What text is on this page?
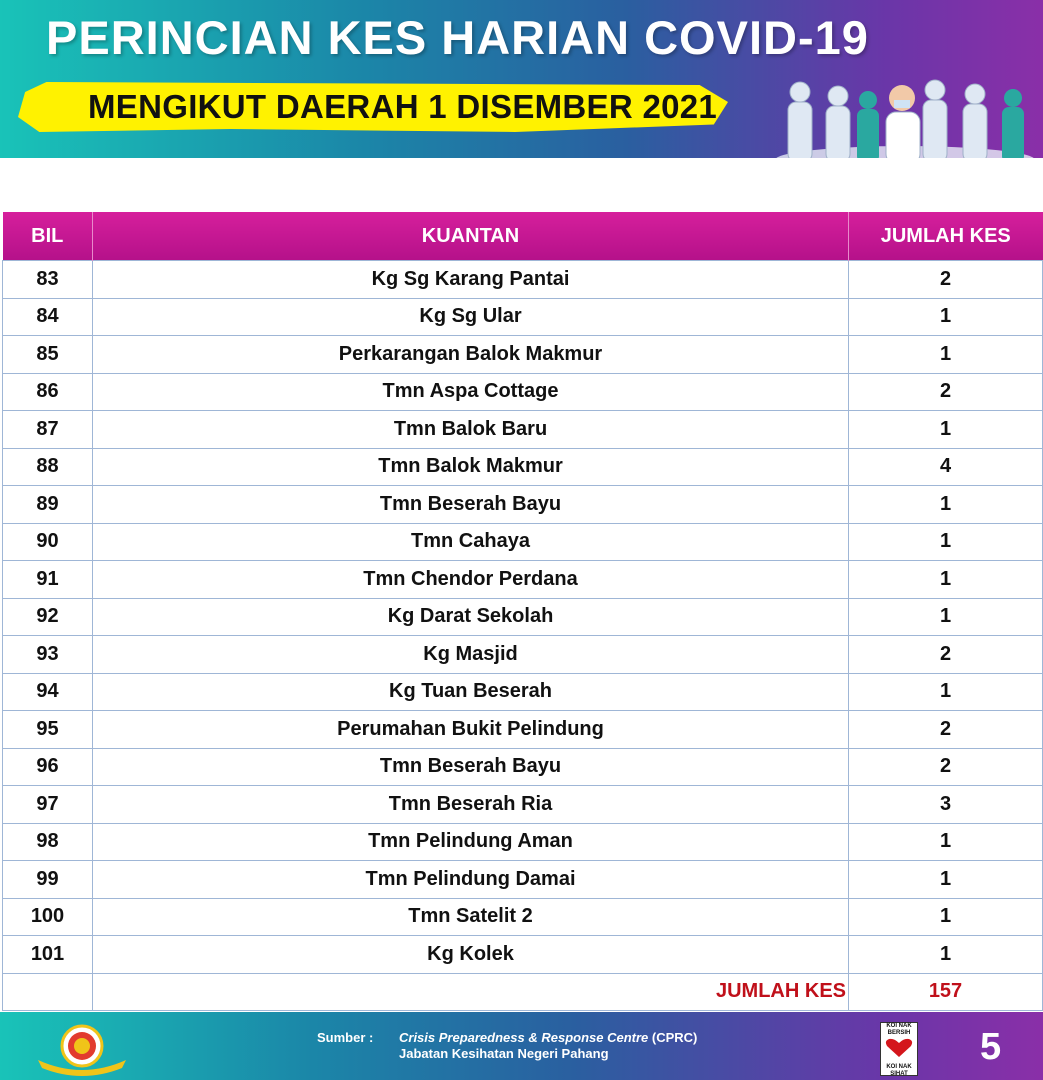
PERINCIAN KES HARIAN COVID-19
MENGIKUT DAERAH 1 DISEMBER 2021
BIL	KUANTAN	JUMLAH KES
83	Kg Sg Karang Pantai	2
84	Kg Sg Ular	1
85	Perkarangan Balok Makmur	1
86	Tmn Aspa Cottage	2
87	Tmn Balok Baru	1
88	Tmn Balok Makmur	4
89	Tmn Beserah Bayu	1
90	Tmn Cahaya	1
91	Tmn Chendor Perdana	1
92	Kg Darat Sekolah	1
93	Kg Masjid	2
94	Kg Tuan Beserah	1
95	Perumahan Bukit Pelindung	2
96	Tmn Beserah Bayu	2
97	Tmn Beserah Ria	3
98	Tmn Pelindung Aman	1
99	Tmn Pelindung Damai	1
100	Tmn Satelit 2	1
101	Kg Kolek	1
	JUMLAH KES	157
Sumber : Crisis Preparedness & Response Centre (CPRC)
Jabatan Kesihatan Negeri Pahang
KOI NAK BERSIH
KOI NAK SIHAT
5
